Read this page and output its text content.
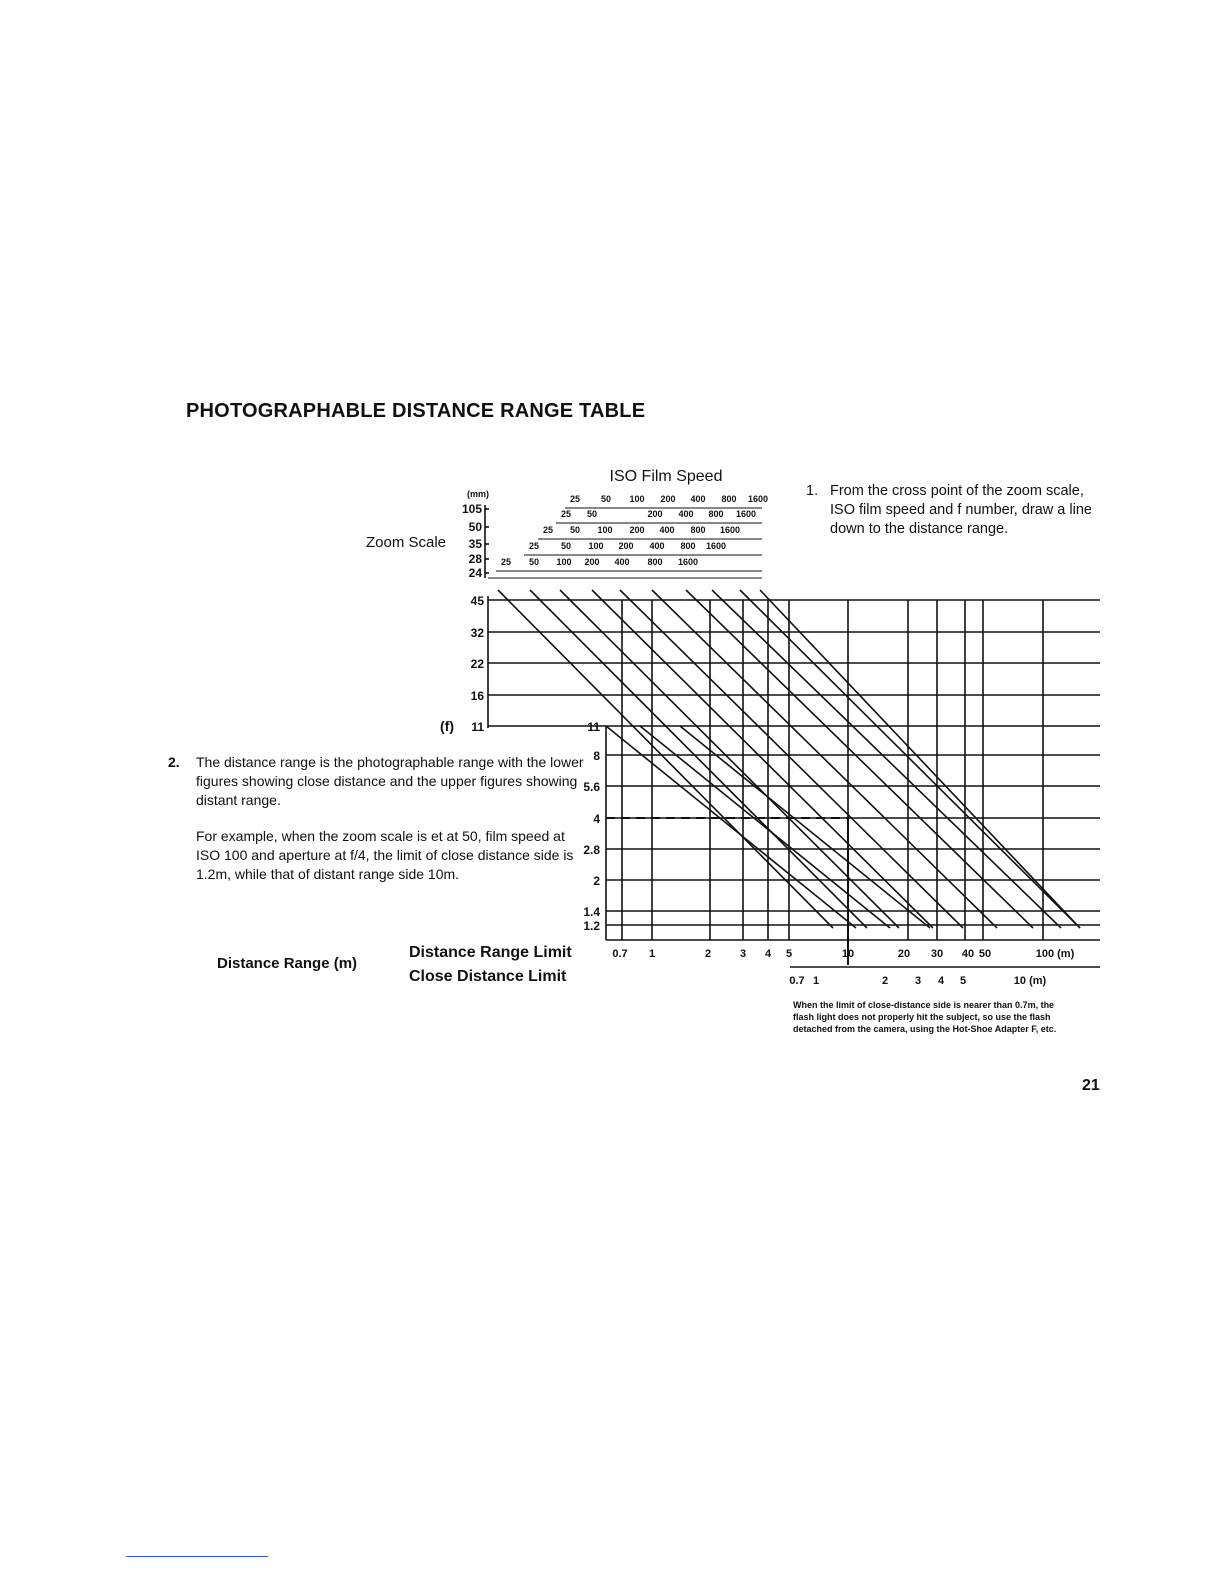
PHOTOGRAPHABLE DISTANCE RANGE TABLE
ISO Film Speed
Zoom Scale
(mm)
105
50
35
28
24
25 50 100 200 400 800 1600
25 50	200 400 800 1600
25 50 100 200 400 800 1600
25 50 100 200 400 800 1600
25 50 100 200 400 800 1600
45
32
22
16
11
(f)	11
8
5.6
4
2.8
2
1.4
1.2
0.7 1	2	3 4 5	10	20 30 40 50	100 (m)
0.7 1	2 3 4 5	10 (m)
1. From the cross point of the zoom scale, ISO film speed and f number, draw a line down to the distance range.
2.	The distance range is the photographable range with the lower figures showing close distance and the upper figures showing distant range.

For example, when the zoom scale is et at 50, film speed at ISO 100 and aperture at f/4, the limit of close distance side is 1.2m, while that of distant range side 10m.

Distance Range (m)
Distance Range Limit
Close Distance Limit
When the limit of close-distance side is nearer than 0.7m, the flash light does not properly hit the subject, so use the flash detached from the camera, using the Hot-Shoe Adapter F, etc.
21
